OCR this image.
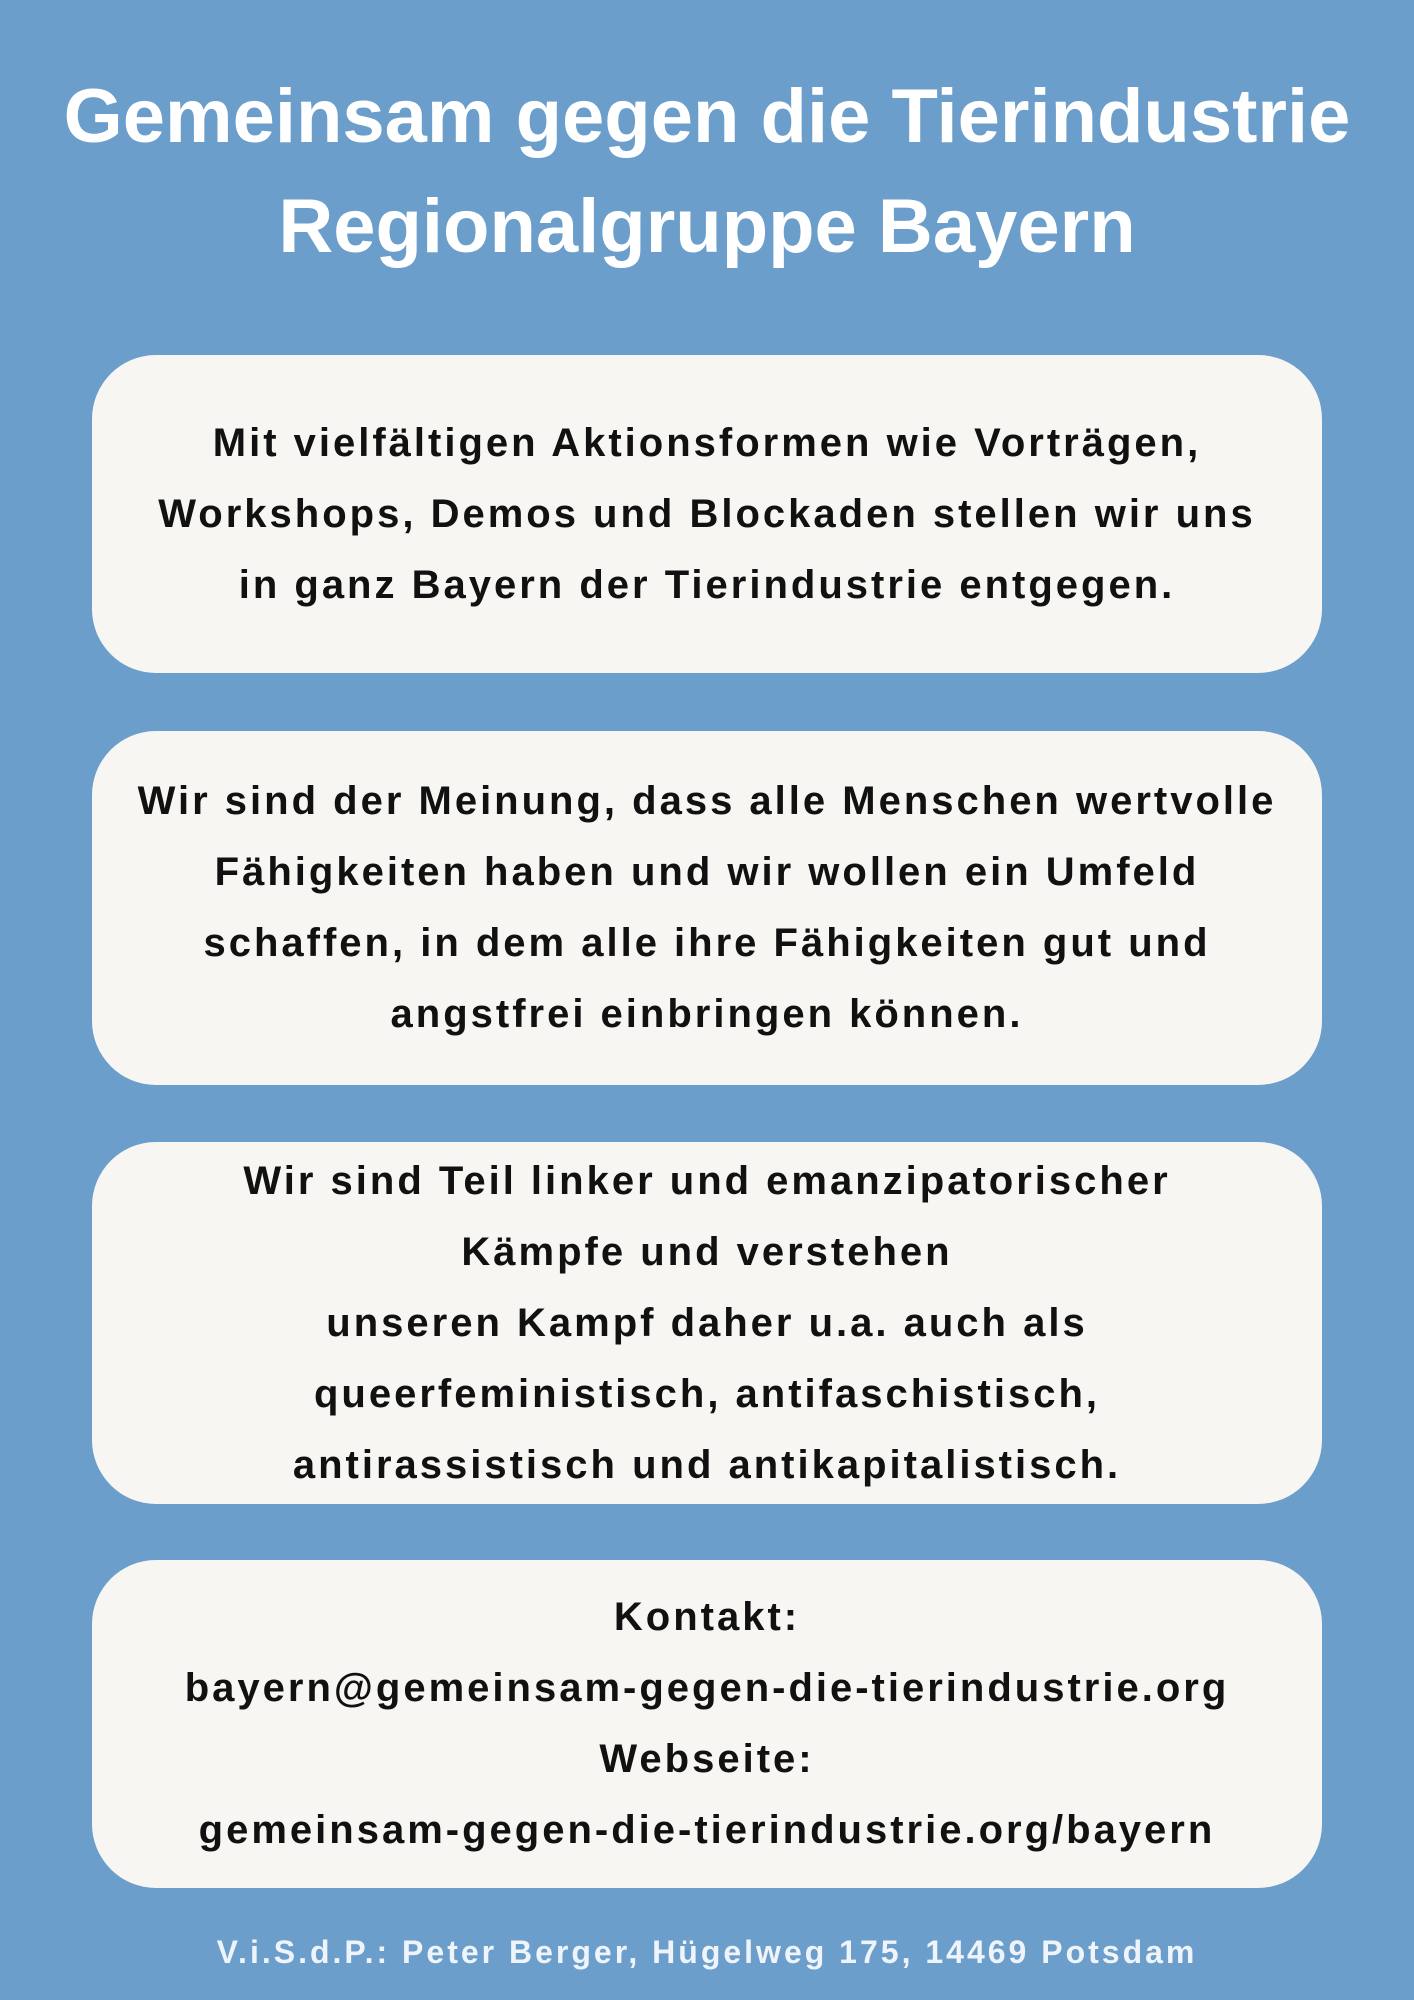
Gemeinsam gegen die Tierindustrie
Regionalgruppe Bayern
Mit vielfältigen Aktionsformen wie Vorträgen,
Workshops, Demos und Blockaden stellen wir uns
in ganz Bayern der Tierindustrie entgegen.
Wir sind der Meinung, dass alle Menschen wertvolle
Fähigkeiten haben und wir wollen ein Umfeld
schaffen, in dem alle ihre Fähigkeiten gut und
angstfrei einbringen können.
Wir sind Teil linker und emanzipatorischer
Kämpfe und verstehen
unseren Kampf daher u.a. auch als
queerfeministisch, antifaschistisch,
antirassistisch und antikapitalistisch.
Kontakt:
bayern@gemeinsam-gegen-die-tierindustrie.org
Webseite:
gemeinsam-gegen-die-tierindustrie.org/bayern
V.i.S.d.P.: Peter Berger, Hügelweg 175, 14469 Potsdam
